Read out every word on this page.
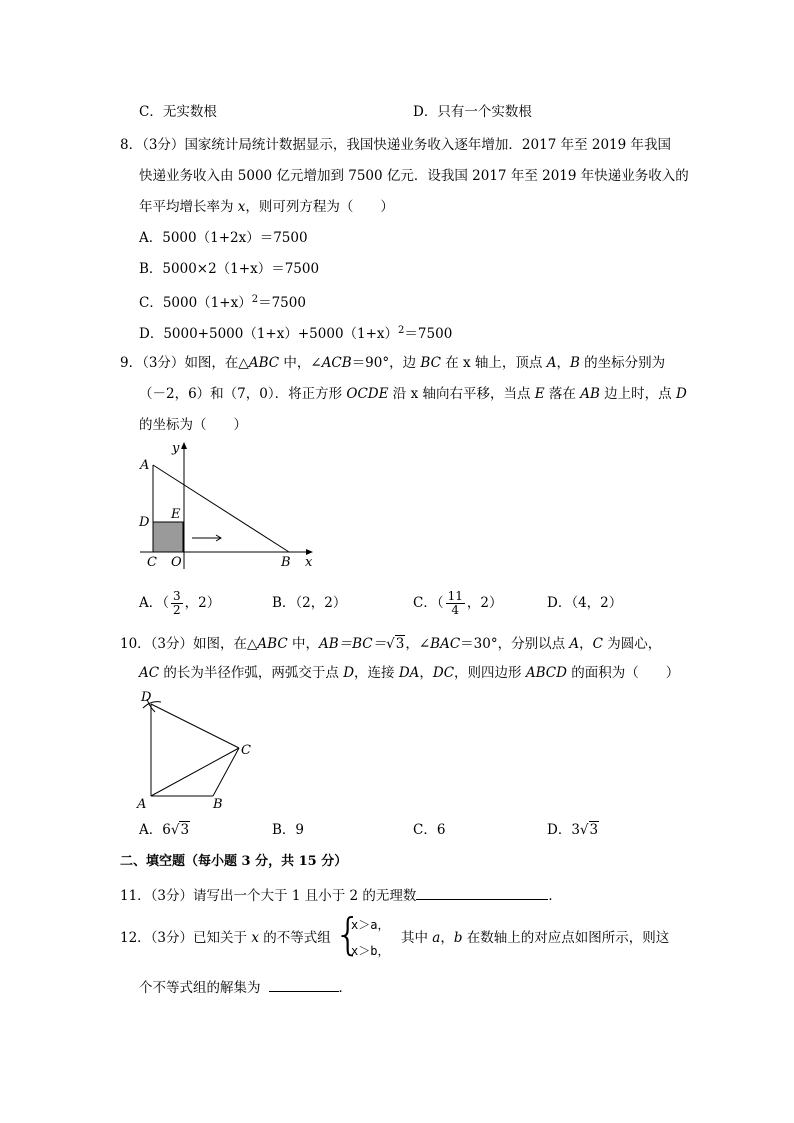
C．无实数根	D．只有一个实数根
8．（3分）国家统计局统计数据显示，我国快递业务收入逐年增加．2017 年至 2019 年我国
快递业务收入由 5000 亿元增加到 7500 亿元．设我国 2017 年至 2019 年快递业务收入的
年平均增长率为 x，则可列方程为（　　）
A．5000（1+2x）＝7500
B．5000×2（1+x）＝7500
C．$5000(1+x)^2=7500$
D．$5000+5000(1+x)+5000(1+x)^2=7500$
9．（3分）如图，在△ABC 中，∠ACB＝90°，边 BC 在 x 轴上，顶点 A，B 的坐标分别为
（－2，6）和（7，0）．将正方形 OCDE 沿 x 轴向右平移，当点 E 落在 AB 边上时，点 D
的坐标为（　　）
y
A
D
E
C O	B x
A．（ $\frac{3}{2}$ ，2）	B．（2，2）	C．（ $\frac{11}{4}$ ，2）	D．（4，2）
10．（3分）如图，在△ABC 中，AB＝BC＝√3，∠BAC＝30°，分别以点 A，C 为圆心，
AC 的长为半径作弧，两弧交于点 D，连接 DA，DC，则四边形 ABCD 的面积为（　　）
D
C
A	B
A．6√3	B．9	C．6	D．3√3
二、填空题（每小题 3 分，共 15 分）
11．（3分）请写出一个大于 1 且小于 2 的无理数	．
12．（3分）已知关于 x 的不等式组 {
x＞a，
x＞b，
其中 a，b 在数轴上的对应点如图所示，则这
个不等式组的解集为	．
